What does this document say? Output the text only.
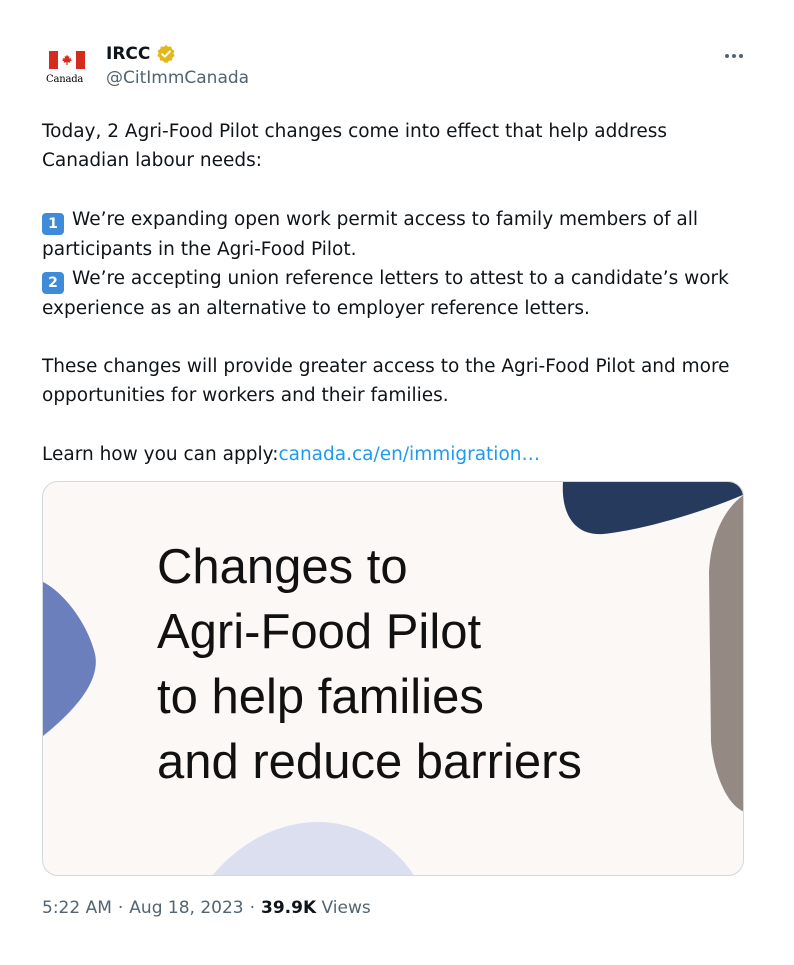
Canada
IRCC
@CitImmCanada

Today, 2 Agri-Food Pilot changes come into effect that help address

Canadian labour needs:

1 We’re expanding open work permit access to family members of all

participants in the Agri-Food Pilot.

2 We’re accepting union reference letters to attest to a candidate’s work

experience as an alternative to employer reference letters.

These changes will provide greater access to the Agri-Food Pilot and more

opportunities for workers and their families.

Learn how you can apply:canada.ca/en/immigration…

Changes to
Agri-Food Pilot
to help families
and reduce barriers
5:22 AM · Aug 18, 2023 · 39.9K Views
